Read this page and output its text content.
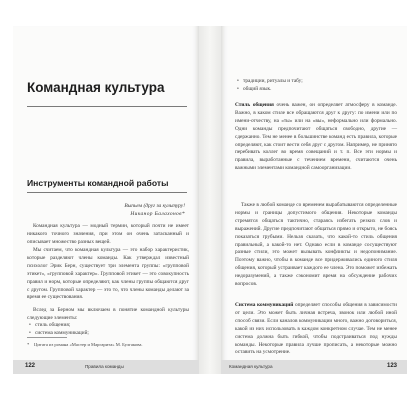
Командная культура
Инструменты командной работы
Выпьем (друг за культуру!
Никанор Балахонов*

Командная культура — модный термин, который почти не имеет никакого точного значения, при этом он очень затасканный и описывает множество разных вещей.

Мы считаем, что командная культура — это набор характеристик, которые разделяют члены команды. Как утверждал известный психолог Эрик Берн, существует три элемента группы: «групповой этикет», «групповой характер». Групповой этикет — это совокупность правил и норм, которые определяют, как члены группы общаются друг с другом. Групповой характер — это то, что члены команды делают за время ее существования.

Вслед за Берном мы включаем в понятие командной культуры следующие элементы:

• стиль общения;
• система коммуникаций;

* Цитата из романа «Мастер и Маргарита» М. Булгакова.

122	Правила команды
• традиции, ритуалы и табу;
• общий язык.

Стиль общения очень важен, он определяет атмосферу в команде. Важно, в каком стиле все обращаются друг к другу: по имени или по имени-отчеству, на «ты» или на «вы», неформально или формально. Одни команды предпочитают общаться свободно, другие — сдержанно. Тем не менее в большинстве команд есть правила, которые определяют, как стоит вести себя друг с другом. Например, не принято перебивать коллег во время совещаний и т. п. Все эти нормы и правила, выработанные с течением времени, считаются очень важными элементами командной самоорганизации.

Также в любой команде со временем вырабатываются определенные нормы и границы допустимого общения. Некоторые команды стремятся общаться тактично, стараясь избегать резких слов и выражений. Другие предпочитают общаться прямо и открыто, не боясь показаться грубыми. Нельзя сказать, что какой-то стиль общения правильный, а какой-то нет. Однако если в команде сосуществуют разные стили, это может вызывать конфликты и недопонимание. Поэтому важно, чтобы в команде все придерживались единого стиля общения, который устраивает каждого ее члена. Это поможет избежать недоразумений, а также сэкономит время на обсуждение рабочих вопросов.

Система коммуникаций определяет способы общения в зависимости от цели. Это может быть личная встреча, звонок или любой иной способ связи. Если каналов коммуникации много, важно договориться, какой из них использовать в каждом конкретном случае. Тем не менее система должна быть гибкой, чтобы подстраиваться под нужды команды. Некоторые правила лучше прописать, а некоторые можно оставить на усмотрение.

Командная культура	123
